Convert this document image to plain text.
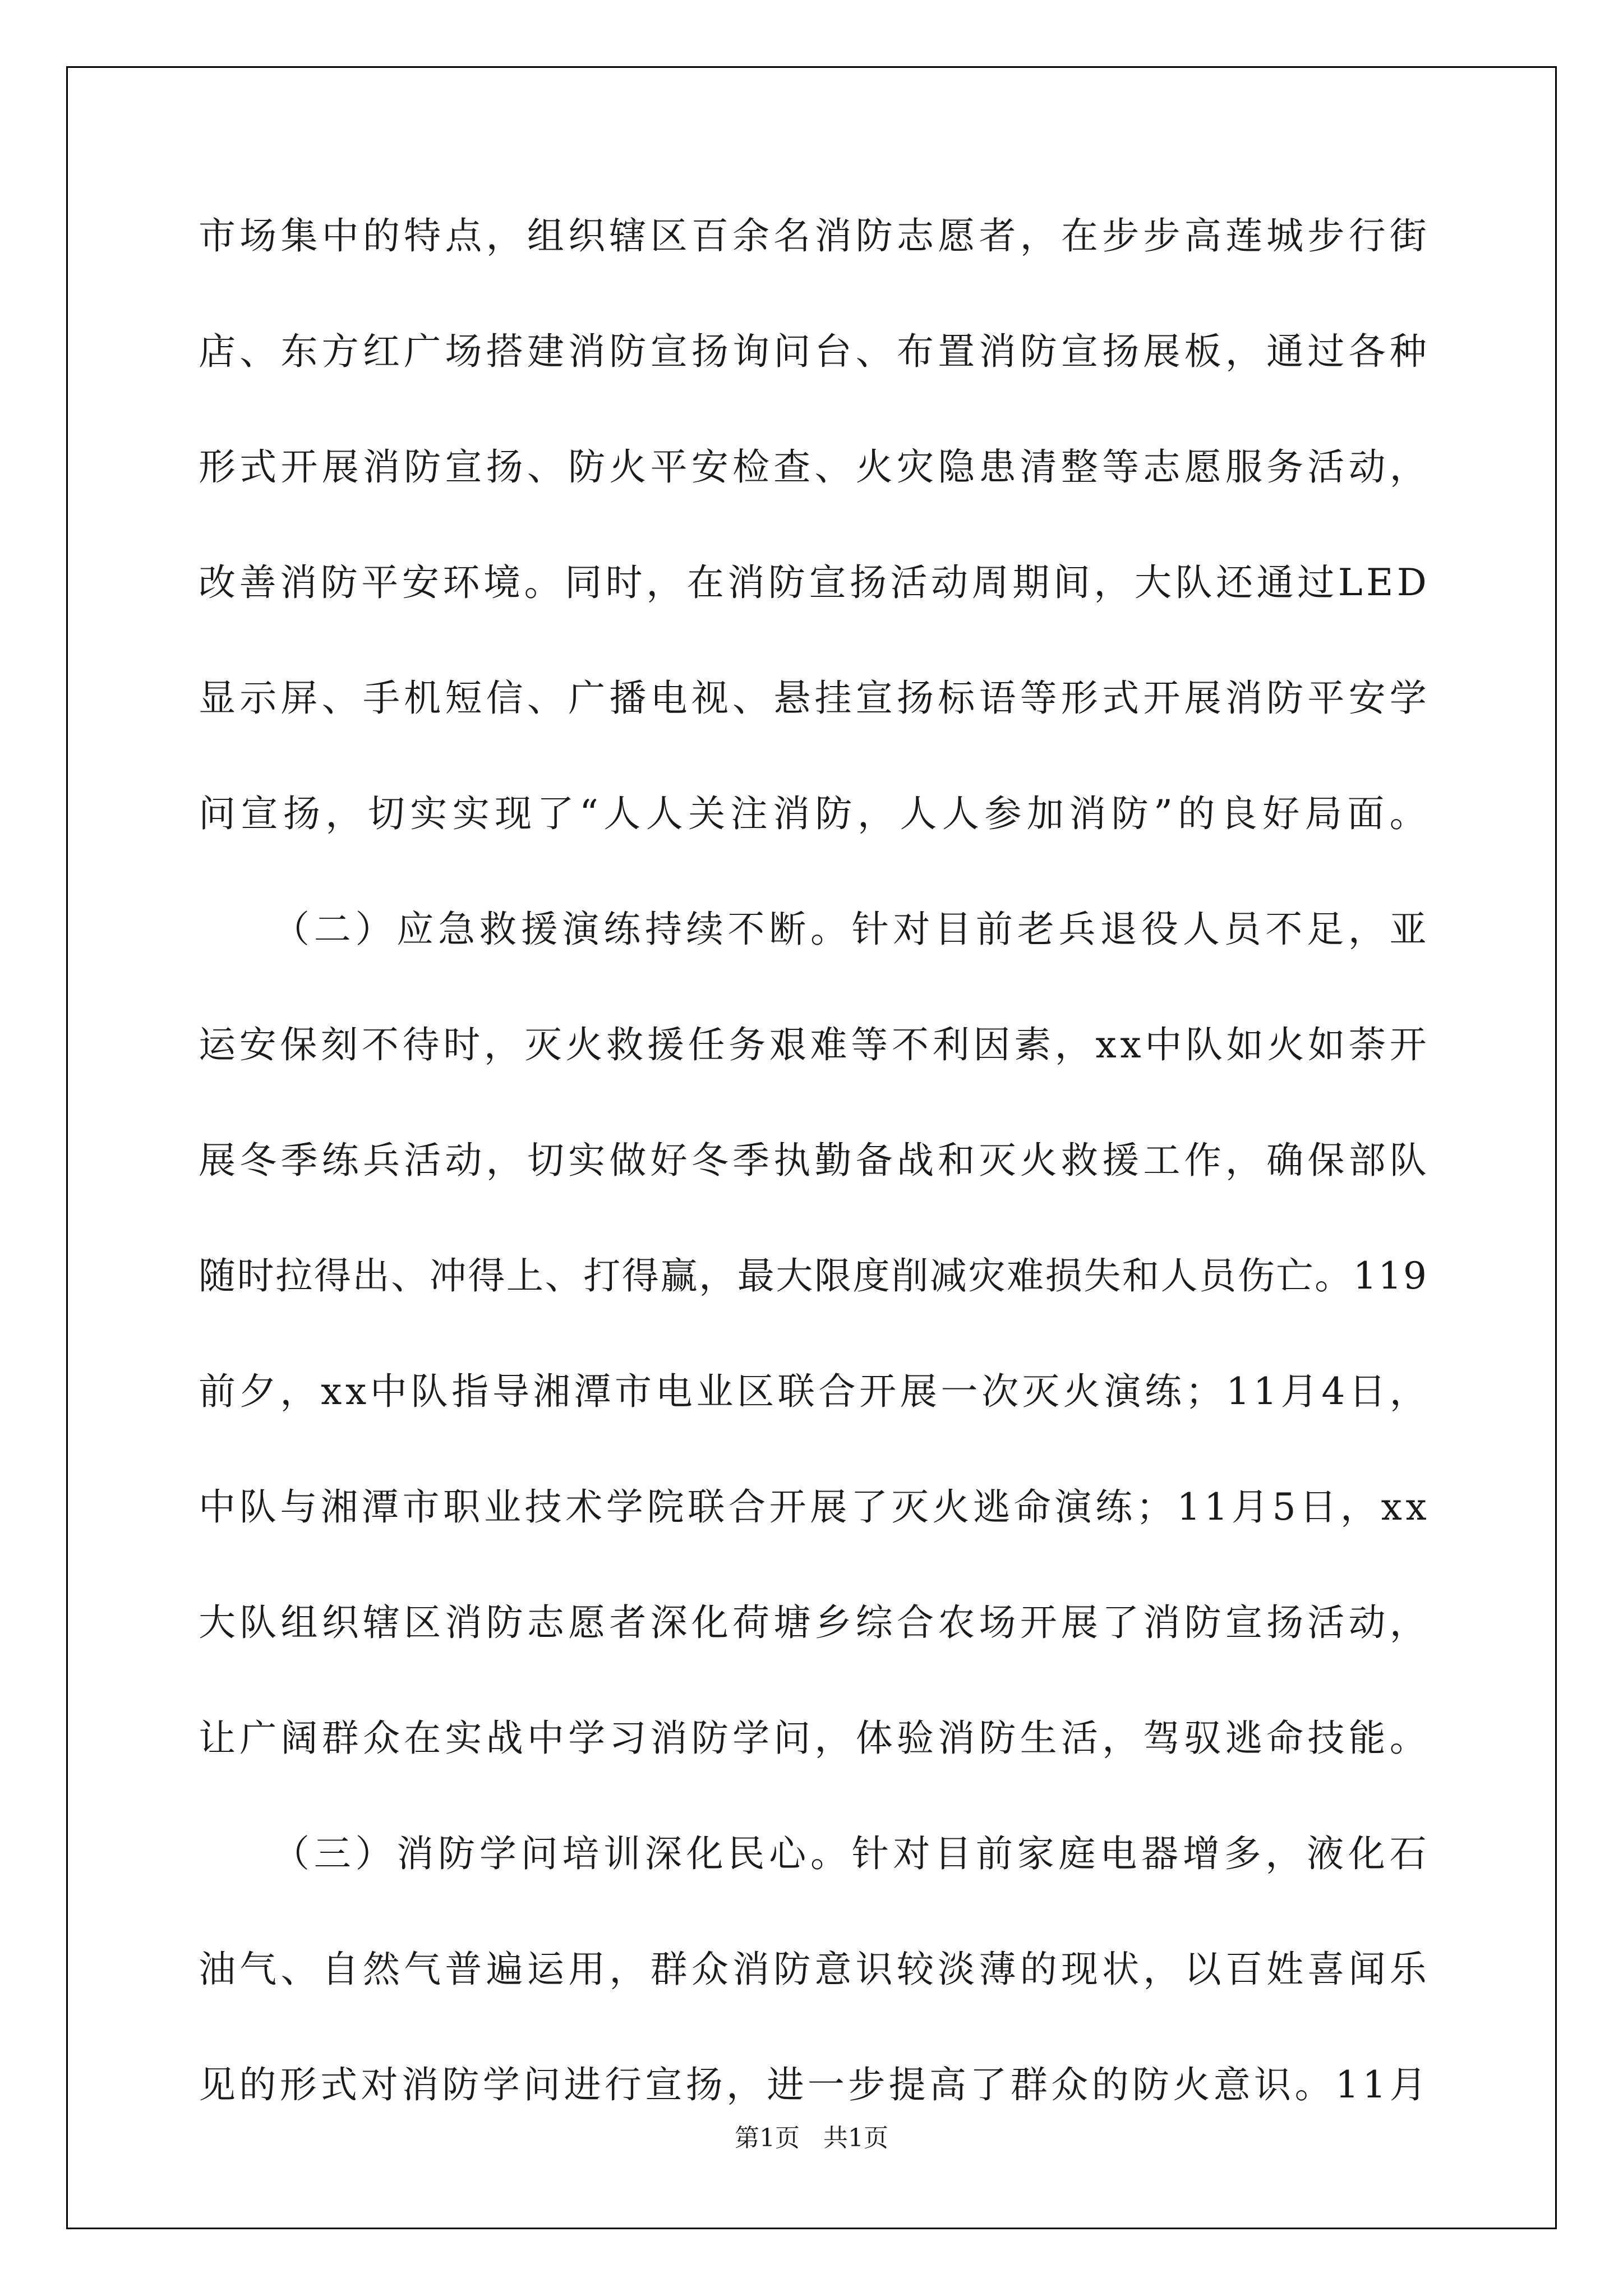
市 场 集 中 的 特 点 ， 组 织 辖 区 百 余 名 消 防 志 愿 者 ， 在 步 步 高 莲 城 步 行 街
店 、 东 方 红 广 场 搭 建 消 防 宣 扬 询 问 台 、 布 置 消 防 宣 扬 展 板 ， 通 过 各 种
形 式 开 展 消 防 宣 扬 、 防 火 平 安 检 查 、 火 灾 隐 患 清 整 等 志 愿 服 务 活 动 ，
改 善 消 防 平 安 环 境 。 同 时 ， 在 消 防 宣 扬 活 动 周 期 间 ， 大 队 还 通 过 L E D
显 示 屏 、 手 机 短 信 、 广 播 电 视 、 悬 挂 宣 扬 标 语 等 形 式 开 展 消 防 平 安 学
问 宣 扬 ， 切 实 实 现 了 “ 人 人 关 注 消 防 ， 人 人 参 加 消 防 ” 的 良 好 局 面 。
（ 二 ） 应 急 救 援 演 练 持 续 不 断 。 针 对 目 前 老 兵 退 役 人 员 不 足 ， 亚
运 安 保 刻 不 待 时 ， 灭 火 救 援 任 务 艰 难 等 不 利 因 素 ， x x 中 队 如 火 如 荼 开
展 冬 季 练 兵 活 动 ， 切 实 做 好 冬 季 执 勤 备 战 和 灭 火 救 援 工 作 ， 确 保 部 队
随 时 拉 得 出 、 冲 得 上 、 打 得 赢 ， 最 大 限 度 削 减 灾 难 损 失 和 人 员 伤 亡 。 1 1 9
前 夕 ， x x 中 队 指 导 湘 潭 市 电 业 区 联 合 开 展 一 次 灭 火 演 练 ； 1 1 月 4 日 ，
中 队 与 湘 潭 市 职 业 技 术 学 院 联 合 开 展 了 灭 火 逃 命 演 练 ； 1 1 月 5 日 ， x x
大 队 组 织 辖 区 消 防 志 愿 者 深 化 荷 塘 乡 综 合 农 场 开 展 了 消 防 宣 扬 活 动 ，
让 广 阔 群 众 在 实 战 中 学 习 消 防 学 问 ， 体 验 消 防 生 活 ， 驾 驭 逃 命 技 能 。
（ 三 ） 消 防 学 问 培 训 深 化 民 心 。 针 对 目 前 家 庭 电 器 增 多 ， 液 化 石
油 气 、 自 然 气 普 遍 运 用 ， 群 众 消 防 意 识 较 淡 薄 的 现 状 ， 以 百 姓 喜 闻 乐
见 的 形 式 对 消 防 学 问 进 行 宣 扬 ， 进 一 步 提 高 了 群 众 的 防 火 意 识 。 1 1 月
第1页 共1页
